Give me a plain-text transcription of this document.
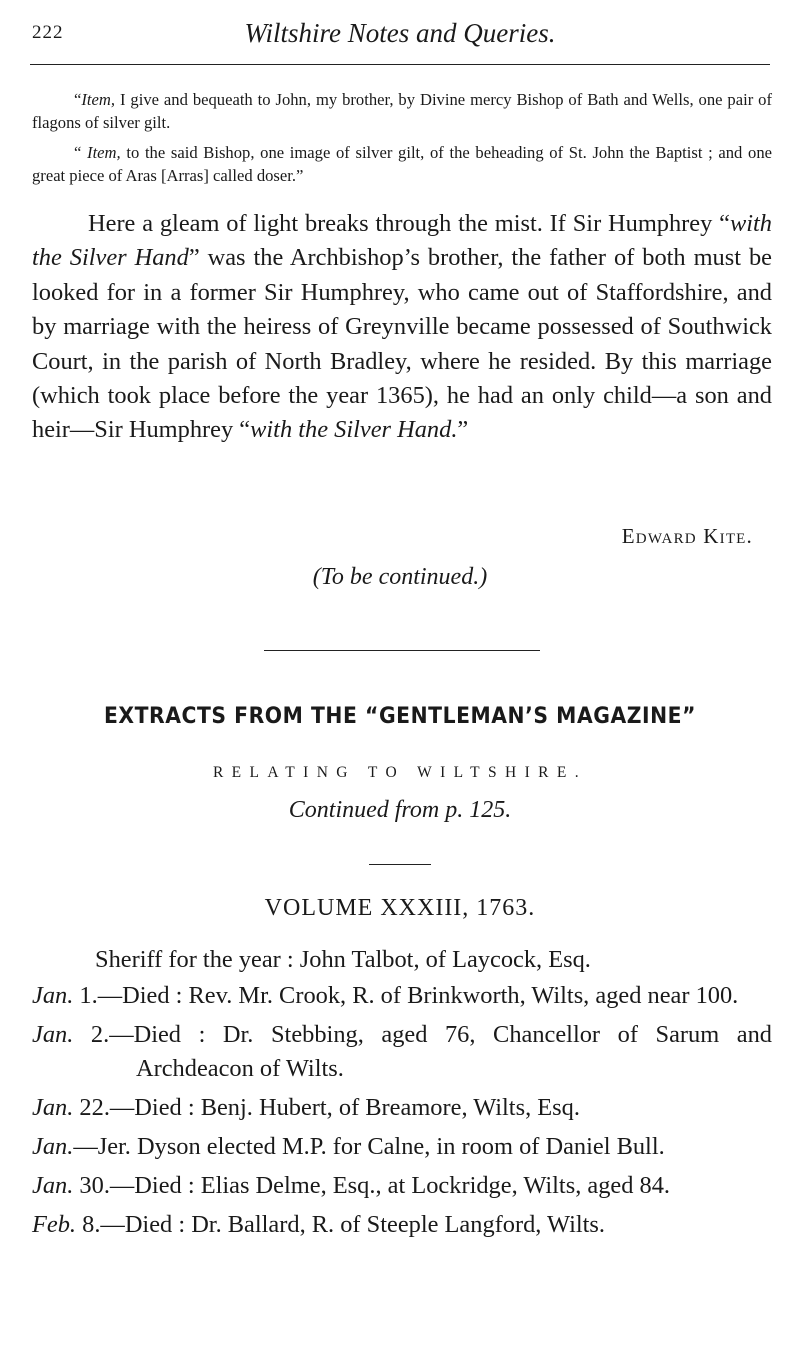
222	Wiltshire Notes and Queries.

“Item, I give and bequeath to John, my brother, by Divine mercy Bishop of Bath and Wells, one pair of flagons of silver gilt.

“ Item, to the said Bishop, one image of silver gilt, of the beheading of St. John the Baptist ; and one great piece of Aras [Arras] called doser.”

Here a gleam of light breaks through the mist. If Sir Humphrey “with the Silver Hand” was the Archbishop’s brother, the father of both must be looked for in a former Sir Humphrey, who came out of Staffordshire, and by marriage with the heiress of Greynville became possessed of Southwick Court, in the parish of North Bradley, where he resided. By this marriage (which took place before the year 1365), he had an only child—a son and heir—Sir Humphrey “with the Silver Hand.”

Edward Kite.
(To be continued.)
EXTRACTS FROM THE “GENTLEMAN’S MAGAZINE”
RELATING TO WILTSHIRE.
Continued from p. 125.
VOLUME XXXIII, 1763.

Sheriff for the year : John Talbot, of Laycock, Esq.

Jan. 1.—Died : Rev. Mr. Crook, R. of Brinkworth, Wilts, aged near 100.
Jan. 2.—Died : Dr. Stebbing, aged 76, Chancellor of Sarum and Archdeacon of Wilts.
Jan. 22.—Died : Benj. Hubert, of Breamore, Wilts, Esq.
Jan.—Jer. Dyson elected M.P. for Calne, in room of Daniel Bull.
Jan. 30.—Died : Elias Delme, Esq., at Lockridge, Wilts, aged 84.
Feb. 8.—Died : Dr. Ballard, R. of Steeple Langford, Wilts.
